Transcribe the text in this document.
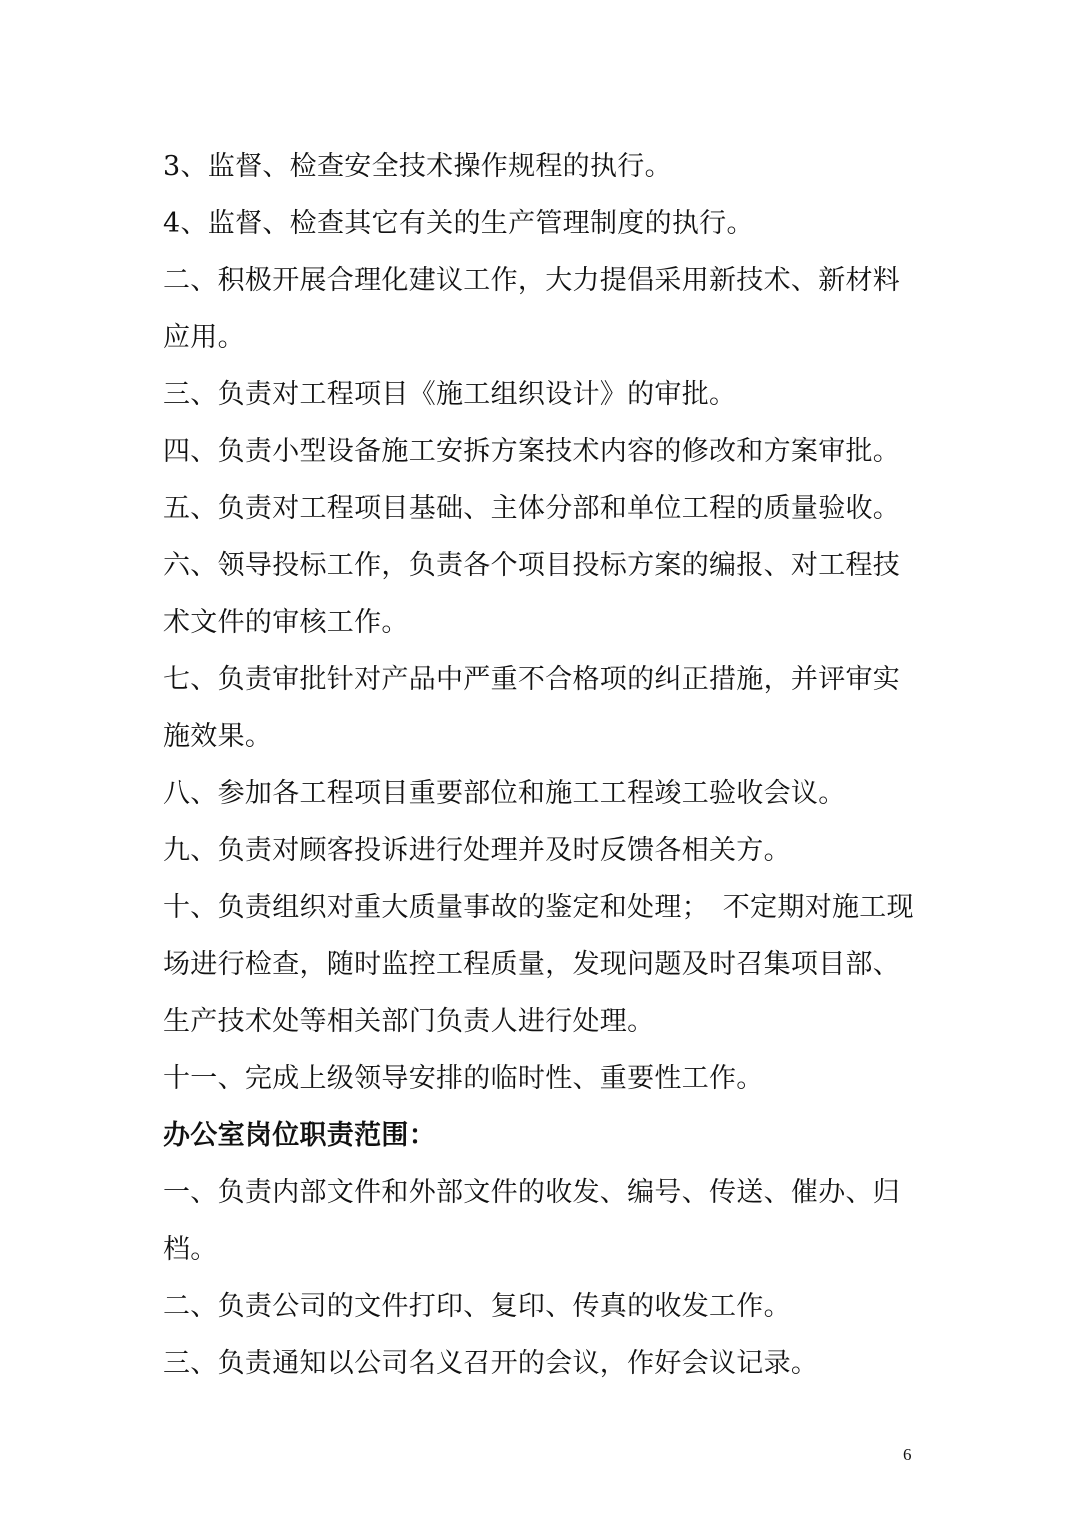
3、监督、检查安全技术操作规程的执行。
4、监督、检查其它有关的生产管理制度的执行。
二、积极开展合理化建议工作，大力提倡采用新技术、新材料
应用。
三、负责对工程项目《施工组织设计》的审批。
四、负责小型设备施工安拆方案技术内容的修改和方案审批。
五、负责对工程项目基础、主体分部和单位工程的质量验收。
六、领导投标工作，负责各个项目投标方案的编报、对工程技
术文件的审核工作。
七、负责审批针对产品中严重不合格项的纠正措施，并评审实
施效果。
八、参加各工程项目重要部位和施工工程竣工验收会议。
九、负责对顾客投诉进行处理并及时反馈各相关方。
十、负责组织对重大质量事故的鉴定和处理；　不定期对施工现
场进行检查，随时监控工程质量，发现问题及时召集项目部、
生产技术处等相关部门负责人进行处理。
十一、完成上级领导安排的临时性、重要性工作。
办公室岗位职责范围：
一、负责内部文件和外部文件的收发、编号、传送、催办、归
档。
二、负责公司的文件打印、复印、传真的收发工作。
三、负责通知以公司名义召开的会议，作好会议记录。
6
